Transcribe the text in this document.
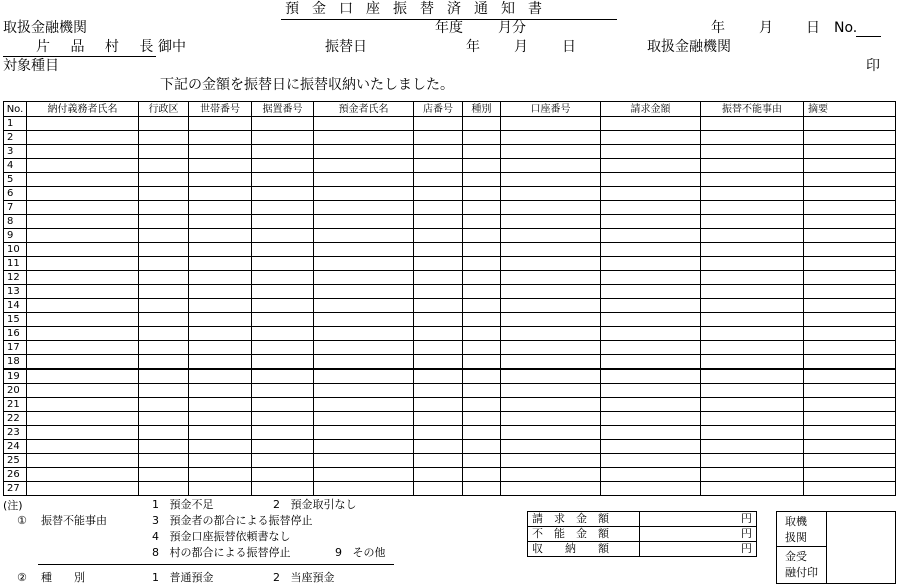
預金口座振替済通知書
取扱金融機関	年度	月分	年 月 日 No.
片 品 村 長
御中	振替日	年 月 日	取扱金融機関
対象種目	印
下記の金額を振替日に振替収納いたしました。
No.	納付義務者氏名	行政区	世帯番号	据置番号	預金者氏名	店番号	種別	口座番号	請求金額	振替不能事由	摘要
1											
2											
3											
4											
5											
6											
7											
8											
9											
10											
11											
12											
13											
14											
15											
16											
17											
18											
19											
20											
21											
22											
23											
24											
25											
26											
27											
(注)	1 預金不足	2 預金取引なし
① 振替不能事由	3 預金者の都合による振替停止
4 預金口座振替依頼書なし
8 村の都合による振替停止	9 その他
② 種　　別	1 普通預金	2 当座預金
請　求　金　額	円
不　能　金　額	円
収　　納　　額	円
取機
扱関
金受
融付印
